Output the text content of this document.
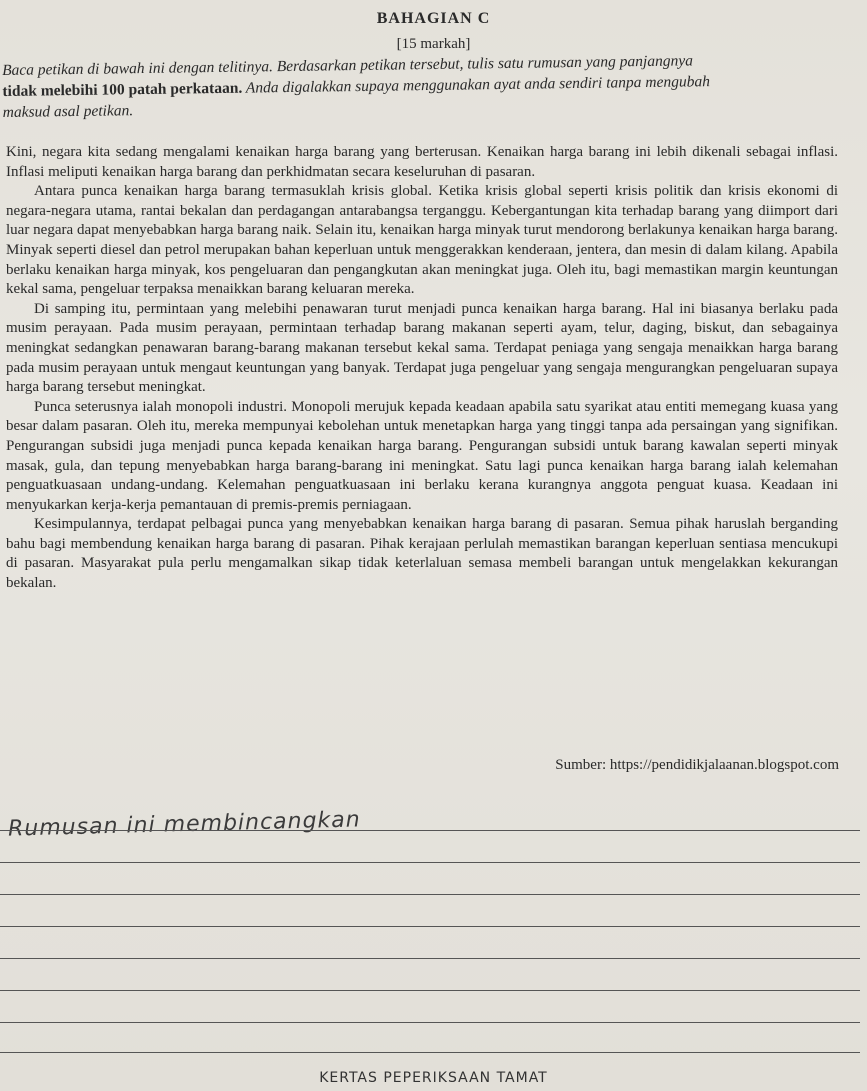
BAHAGIAN C
[15 markah]
Baca petikan di bawah ini dengan telitinya. Berdasarkan petikan tersebut, tulis satu rumusan yang panjangnya
tidak melebihi 100 patah perkataan. Anda digalakkan supaya menggunakan ayat anda sendiri tanpa mengubah
maksud asal petikan.

Kini, negara kita sedang mengalami kenaikan harga barang yang berterusan. Kenaikan harga barang ini lebih dikenali sebagai inflasi. Inflasi meliputi kenaikan harga barang dan perkhidmatan secara keseluruhan di pasaran.

Antara punca kenaikan harga barang termasuklah krisis global. Ketika krisis global seperti krisis politik dan krisis ekonomi di negara-negara utama, rantai bekalan dan perdagangan antarabangsa terganggu. Kebergantungan kita terhadap barang yang diimport dari luar negara dapat menyebabkan harga barang naik. Selain itu, kenaikan harga minyak turut mendorong berlakunya kenaikan harga barang. Minyak seperti diesel dan petrol merupakan bahan keperluan untuk menggerakkan kenderaan, jentera, dan mesin di dalam kilang. Apabila berlaku kenaikan harga minyak, kos pengeluaran dan pengangkutan akan meningkat juga. Oleh itu, bagi memastikan margin keuntungan kekal sama, pengeluar terpaksa menaikkan barang keluaran mereka.

Di samping itu, permintaan yang melebihi penawaran turut menjadi punca kenaikan harga barang. Hal ini biasanya berlaku pada musim perayaan. Pada musim perayaan, permintaan terhadap barang makanan seperti ayam, telur, daging, biskut, dan sebagainya meningkat sedangkan penawaran barang-barang makanan tersebut kekal sama. Terdapat peniaga yang sengaja menaikkan harga barang pada musim perayaan untuk mengaut keuntungan yang banyak. Terdapat juga pengeluar yang sengaja mengurangkan pengeluaran supaya harga barang tersebut meningkat.

Punca seterusnya ialah monopoli industri. Monopoli merujuk kepada keadaan apabila satu syarikat atau entiti memegang kuasa yang besar dalam pasaran. Oleh itu, mereka mempunyai kebolehan untuk menetapkan harga yang tinggi tanpa ada persaingan yang signifikan. Pengurangan subsidi juga menjadi punca kepada kenaikan harga barang. Pengurangan subsidi untuk barang kawalan seperti minyak masak, gula, dan tepung menyebabkan harga barang-barang ini meningkat. Satu lagi punca kenaikan harga barang ialah kelemahan penguatkuasaan undang-undang. Kelemahan penguatkuasaan ini berlaku kerana kurangnya anggota penguat kuasa. Keadaan ini menyukarkan kerja-kerja pemantauan di premis-premis perniagaan.

Kesimpulannya, terdapat pelbagai punca yang menyebabkan kenaikan harga barang di pasaran. Semua pihak haruslah berganding bahu bagi membendung kenaikan harga barang di pasaran. Pihak kerajaan perlulah memastikan barangan keperluan sentiasa mencukupi di pasaran. Masyarakat pula perlu mengamalkan sikap tidak keterlaluan semasa membeli barangan untuk mengelakkan kekurangan bekalan.

Sumber: https://pendidikjalaanan.blogspot.com
Rumusan ini membincangkan
KERTAS PEPERIKSAAN TAMAT
